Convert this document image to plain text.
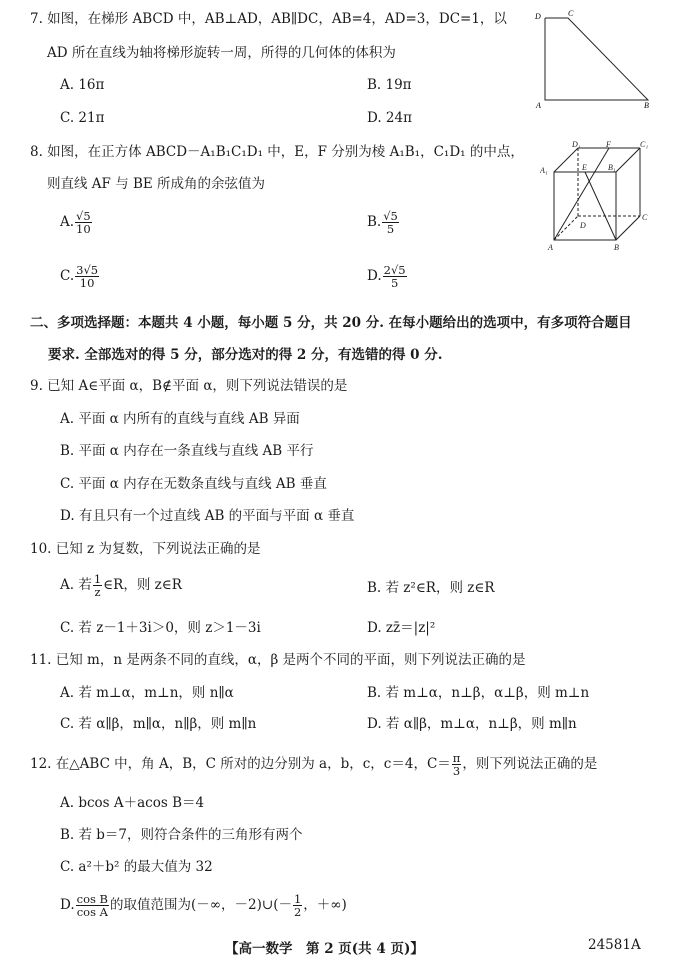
7. 如图，在梯形 ABCD 中，AB⊥AD，AB∥DC，AB=4，AD=3，DC=1，以
AD 所在直线为轴将梯形旋转一周，所得的几何体的体积为
A. 16π	B. 19π
C. 21π	D. 24π
D	C
A	B
8. 如图，在正方体 ABCD－A₁B₁C₁D₁ 中，E，F 分别为棱 A₁B₁，C₁D₁ 的中点，
则直线 AF 与 BE 所成角的余弦值为
A. $\frac{√5}{10}$	B. $\frac{√5}{5}$
C. $\frac{3√5}{10}$	D. $\frac{2√5}{5}$
D₁	F	C₁
A₁	B₁
E
D
C
A	B
二、多项选择题：本题共 4 小题，每小题 5 分，共 20 分. 在每小题给出的选项中，有多项符合题目
要求. 全部选对的得 5 分，部分选对的得 2 分，有选错的得 0 分.
9. 已知 A∈平面 α，B∉平面 α，则下列说法错误的是
A. 平面 α 内所有的直线与直线 AB 异面
B. 平面 α 内存在一条直线与直线 AB 平行
C. 平面 α 内存在无数条直线与直线 AB 垂直
D. 有且只有一个过直线 AB 的平面与平面 α 垂直
10. 已知 z 为复数，下列说法正确的是
A. 若 $\frac{1}{z}$ ∈R，则 z∈R	B. 若 z²∈R，则 z∈R
C. 若 z－1＋3i＞0，则 z＞1－3i	D. zz̄＝|z|²
11. 已知 m，n 是两条不同的直线，α，β 是两个不同的平面，则下列说法正确的是
A. 若 m⊥α，m⊥n，则 n∥α	B. 若 m⊥α，n⊥β，α⊥β，则 m⊥n
C. 若 α∥β，m∥α，n∥β，则 m∥n	D. 若 α∥β，m⊥α，n⊥β，则 m∥n
12. 在△ABC 中，角 A，B，C 所对的边分别为 a，b，c，c＝4，$C= \frac{\pi}{3}$ ，则下列说法正确的是
A. bcos A＋acos B＝4
B. 若 b＝7，则符合条件的三角形有两个
C. a²＋b² 的最大值为 32
D. $\frac{\text{cos B}}{\text{cos A}}$ 的取值范围为(－∞，－2)∪(－ $\frac{1}{2}$ ，＋∞)
【高一数学　第 2 页(共 4 页)】	24581A
